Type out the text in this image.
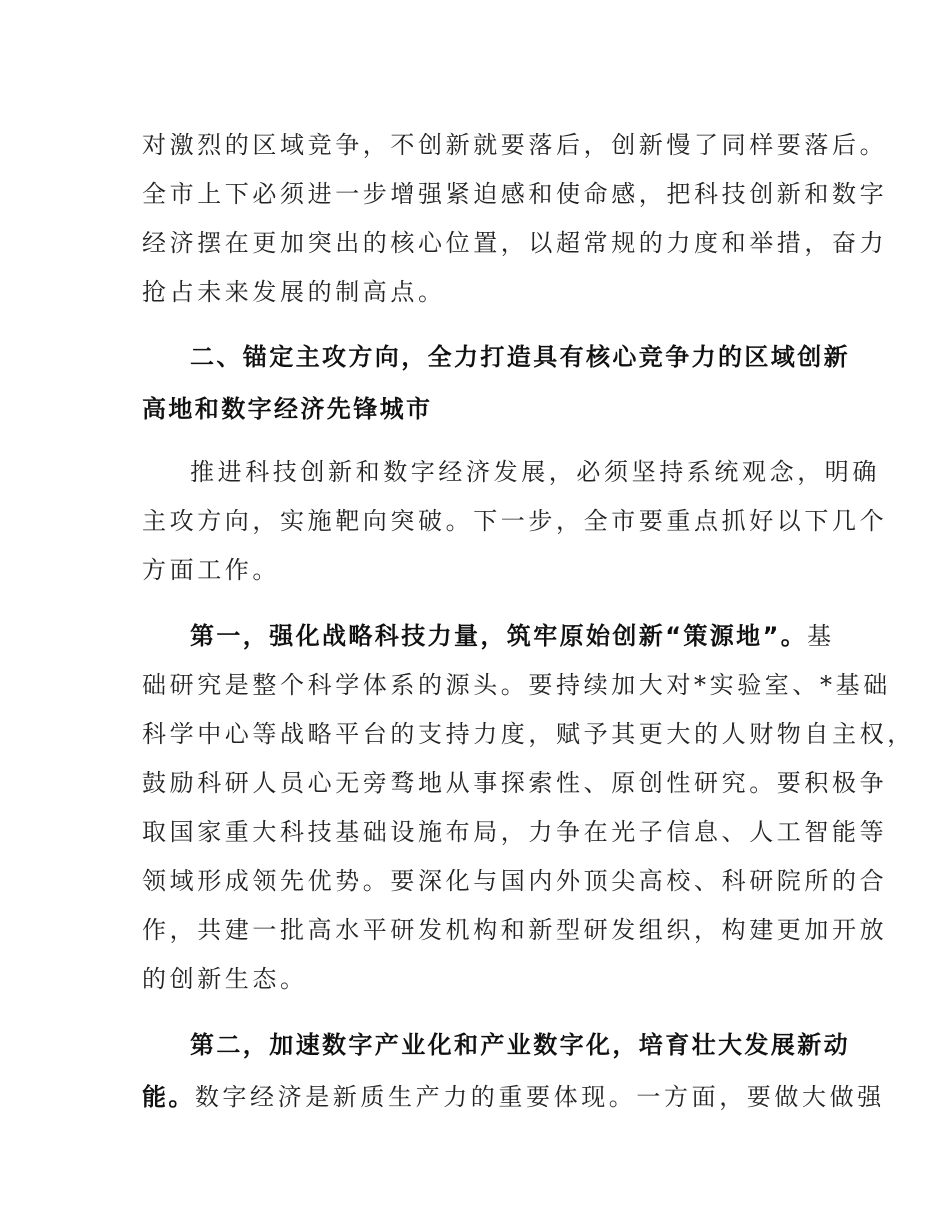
对激烈的区域竞争，不创新就要落后，创新慢了同样要落后。
全市上下必须进一步增强紧迫感和使命感，把科技创新和数字
经济摆在更加突出的核心位置，以超常规的力度和举措，奋力
抢占未来发展的制高点。
二、锚定主攻方向，全力打造具有核心竞争力的区域创新
高地和数字经济先锋城市
推进科技创新和数字经济发展，必须坚持系统观念，明确
主攻方向，实施靶向突破。下一步，全市要重点抓好以下几个
方面工作。
第一，强化战略科技力量，筑牢原始创新“策源地”。基
础研究是整个科学体系的源头。要持续加大对*实验室、*基础
科学中心等战略平台的支持力度，赋予其更大的人财物自主权，
鼓励科研人员心无旁骛地从事探索性、原创性研究。要积极争
取国家重大科技基础设施布局，力争在光子信息、人工智能等
领域形成领先优势。要深化与国内外顶尖高校、科研院所的合
作，共建一批高水平研发机构和新型研发组织，构建更加开放
的创新生态。
第二，加速数字产业化和产业数字化，培育壮大发展新动
能。数字经济是新质生产力的重要体现。一方面，要做大做强
